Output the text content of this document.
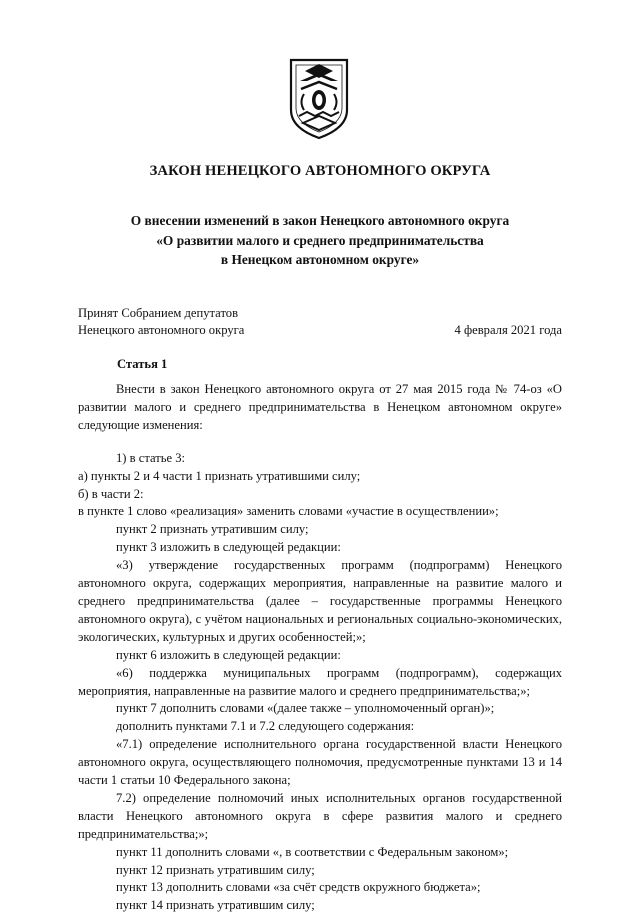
ЗАКОН НЕНЕЦКОГО АВТОНОМНОГО ОКРУГА
О внесении изменений в закон Ненецкого автономного округа
«О развитии малого и среднего предпринимательства
в Ненецком автономном округе»
Принят Собранием депутатов
Ненецкого автономного округа	4 февраля 2021 года
Статья 1

Внести в закон Ненецкого автономного округа от 27 мая 2015 года № 74-оз «О развитии малого и среднего предпринимательства в Ненецком автономном округе» следующие изменения:

1) в статье 3:

а) пункты 2 и 4 части 1 признать утратившими силу;

б) в части 2:

в пункте 1 слово «реализация» заменить словами «участие в осуществлении»;

пункт 2 признать утратившим силу;

пункт 3 изложить в следующей редакции:

«3) утверждение государственных программ (подпрограмм) Ненецкого автономного округа, содержащих мероприятия, направленные на развитие малого и среднего предпринимательства (далее – государственные программы Ненецкого автономного округа), с учётом национальных и региональных социально-экономических, экологических, культурных и других особенностей;»;

пункт 6 изложить в следующей редакции:

«6) поддержка муниципальных программ (подпрограмм), содержащих мероприятия, направленные на развитие малого и среднего предпринимательства;»;

пункт 7 дополнить словами «(далее также – уполномоченный орган)»;

дополнить пунктами 7.1 и 7.2 следующего содержания:

«7.1) определение исполнительного органа государственной власти Ненецкого автономного округа, осуществляющего полномочия, предусмотренные пунктами 13 и 14 части 1 статьи 10 Федерального закона;

7.2) определение полномочий иных исполнительных органов государственной власти Ненецкого автономного округа в сфере развития малого и среднего предпринимательства;»;

пункт 11 дополнить словами «, в соответствии с Федеральным законом»;

пункт 12 признать утратившим силу;

пункт 13 дополнить словами «за счёт средств окружного бюджета»;

пункт 14 признать утратившим силу;
